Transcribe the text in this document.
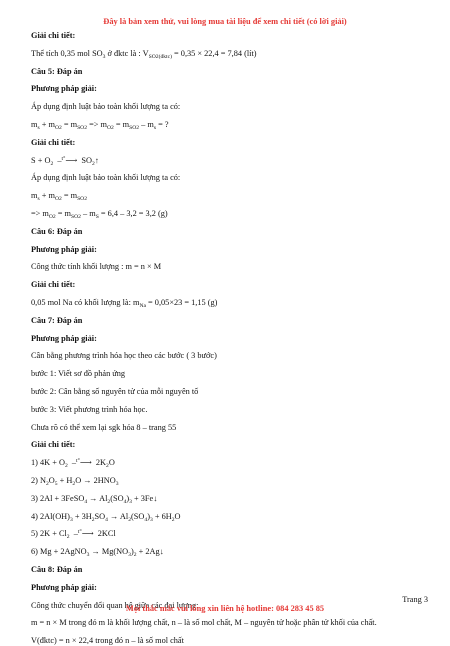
Đây là bản xem thử, vui lòng mua tài liệu để xem chi tiết (có lời giải)
Giải chi tiết:
Thể tích 0,35 mol $SO_3$ ở đktc là : $V_{SO2(đktc)} = 0,35 \times 22,4 = 7,84$ (lít)
Câu 5: Đáp án
Phương pháp giải:
Áp dụng định luật bảo toàn khối lượng ta có:
$m_s + m_{O2} = m_{SO2} => m_{O2} = m_{SO2} - m_s$ = ?
Giải chi tiết:
$S + O_2$  –$^{t^\circ}$⟶  $SO_2↑$
Áp dụng định luật bảo toàn khối lượng ta có:
$m_s + m_{O2} = m_{SO2}$
=> $m_{O2} = m_{SO2} - m_S = 6,4 - 3,2 = 3,2$ (g)
Câu 6: Đáp án
Phương pháp giải:
Công thức tính khối lượng : m = n × M
Giải chi tiết:
0,05 mol Na có khối lượng là: $m_{Na} = 0,05\times 23 = 1,15$ (g)
Câu 7: Đáp án
Phương pháp giải:
Cân bằng phương trình hóa học theo các bước ( 3 bước)
bước 1: Viết sơ đồ phản ứng
bước 2: Cân bằng số nguyên tử của mỗi nguyên tố
bước 3: Viết phương trình hóa học.
Chưa rõ có thể xem lại sgk hóa 8 – trang 55
Giải chi tiết:
1) $4K + O_2$  –$^{t^\circ}$⟶  $2K_2O$
2) $N_2O_5 + H_2O \to 2HNO_3$
3) 2Al + 3FeSO$_4$ → $Al_2(SO_4)_3$ + 3Fe↓
4) $2Al(OH)_3 + 3H_2SO_4 \to Al_2(SO_4)_3 + 6H_2O$
5) $2K + Cl_2$  –$^{t^\circ}$⟶  2KCl
6) Mg + 2AgNO$_3$ → $Mg(NO_3)_2$ + 2Ag↓
Câu 8: Đáp án
Phương pháp giải:
Công thức chuyển đổi quan hệ giữa các đại lượng:
m = n × M trong đó m là khối lượng chất, n – là số mol chất, M – nguyên tử hoặc phân tử khối của chất.
V(đktc) = n × 22,4 trong đó n – là số mol chất
Trang 3
Mọi thắc mắc vui lòng xin liên hệ hotline: 084 283 45 85
